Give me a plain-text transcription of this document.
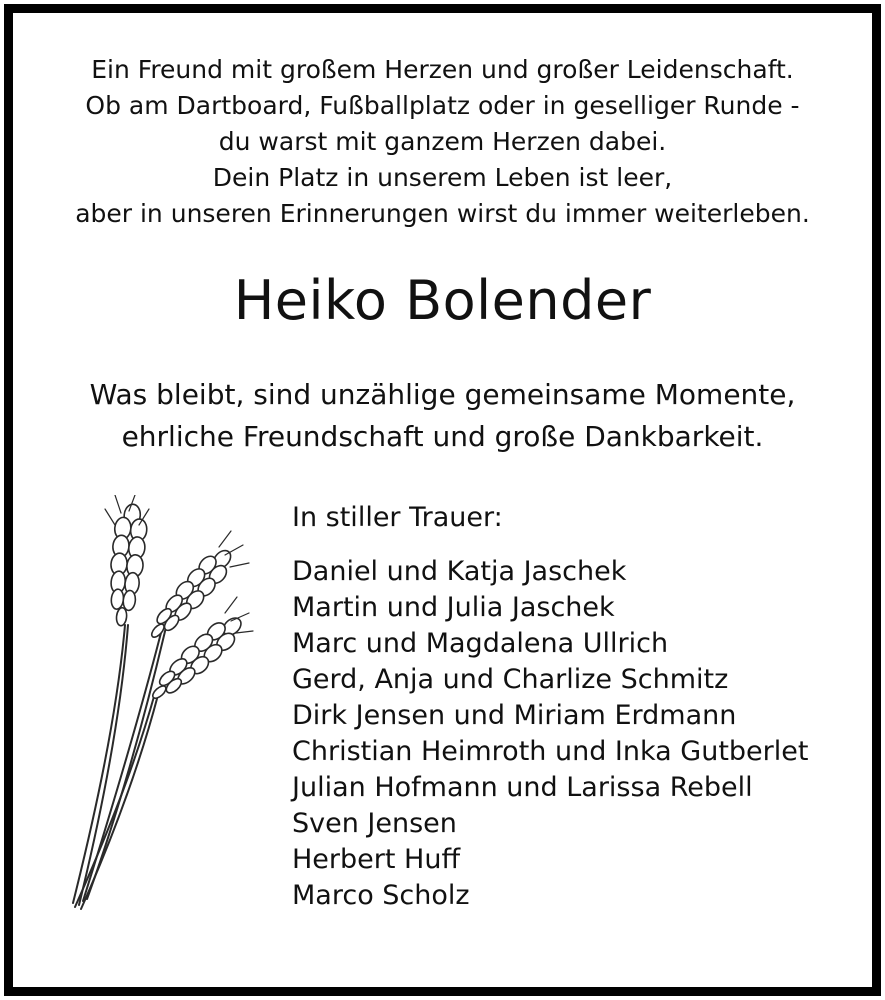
Ein Freund mit großem Herzen und großer Leidenschaft.
Ob am Dartboard, Fußballplatz oder in geselliger Runde -
du warst mit ganzem Herzen dabei.
Dein Platz in unserem Leben ist leer,
aber in unseren Erinnerungen wirst du immer weiterleben.
Heiko Bolender
Was bleibt, sind unzählige gemeinsame Momente,
ehrliche Freundschaft und große Dankbarkeit.
In stiller Trauer:
Daniel und Katja Jaschek
Martin und Julia Jaschek
Marc und Magdalena Ullrich
Gerd, Anja und Charlize Schmitz
Dirk Jensen und Miriam Erdmann
Christian Heimroth und Inka Gutberlet
Julian Hofmann und Larissa Rebell
Sven Jensen
Herbert Huff
Marco Scholz
